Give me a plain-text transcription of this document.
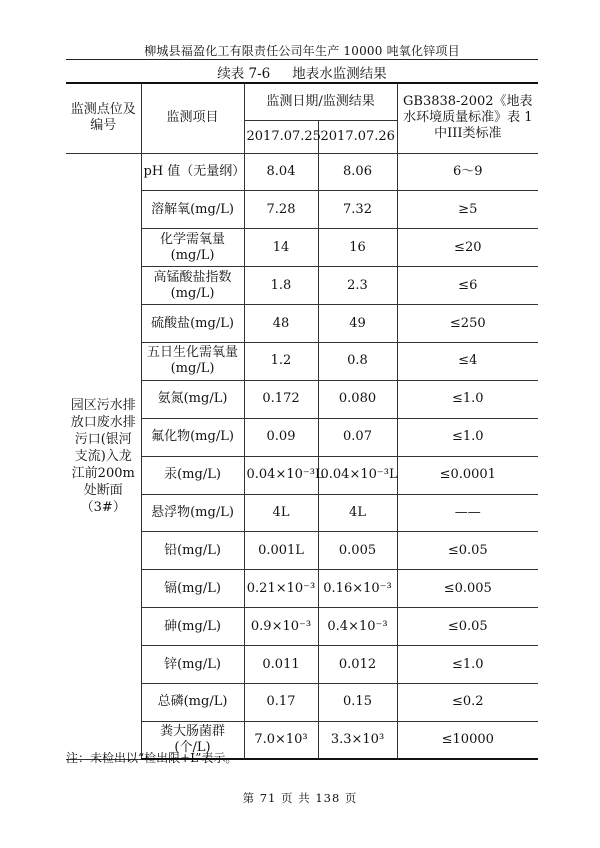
柳城县福盈化工有限责任公司年生产 10000 吨氧化锌项目
续表 7-6 地表水监测结果
监测点位及编号	监测项目	监测日期/监测结果		GB3838-2002《地表水环境质量标准》表 1 中III类标准
		2017.07.25	2017.07.26	
园区污水排放口废水排污口(银河支流)入龙江前200m 处断面（3#）	pH 值（无量纲）	8.04	8.06	6～9
	溶解氧(mg/L)	7.28	7.32	≥5
	化学需氧量(mg/L)	14	16	≤20
	高锰酸盐指数(mg/L)	1.8	2.3	≤6
	硫酸盐(mg/L)	48	49	≤250
	五日生化需氧量(mg/L)	1.2	0.8	≤4
	氨氮(mg/L)	0.172	0.080	≤1.0
	氟化物(mg/L)	0.09	0.07	≤1.0
	汞(mg/L)	0.04×10⁻³L	0.04×10⁻³L	≤0.0001
	悬浮物(mg/L)	4L	4L	——
	铅(mg/L)	0.001L	0.005	≤0.05
	镉(mg/L)	0.21×10⁻³	0.16×10⁻³	≤0.005
	砷(mg/L)	0.9×10⁻³	0.4×10⁻³	≤0.05
	锌(mg/L)	0.011	0.012	≤1.0
	总磷(mg/L)	0.17	0.15	≤0.2
	粪大肠菌群(个/L)	7.0×10³	3.3×10³	≤10000
注：未检出以“检出限+L”表示。
第 71 页 共 138 页
